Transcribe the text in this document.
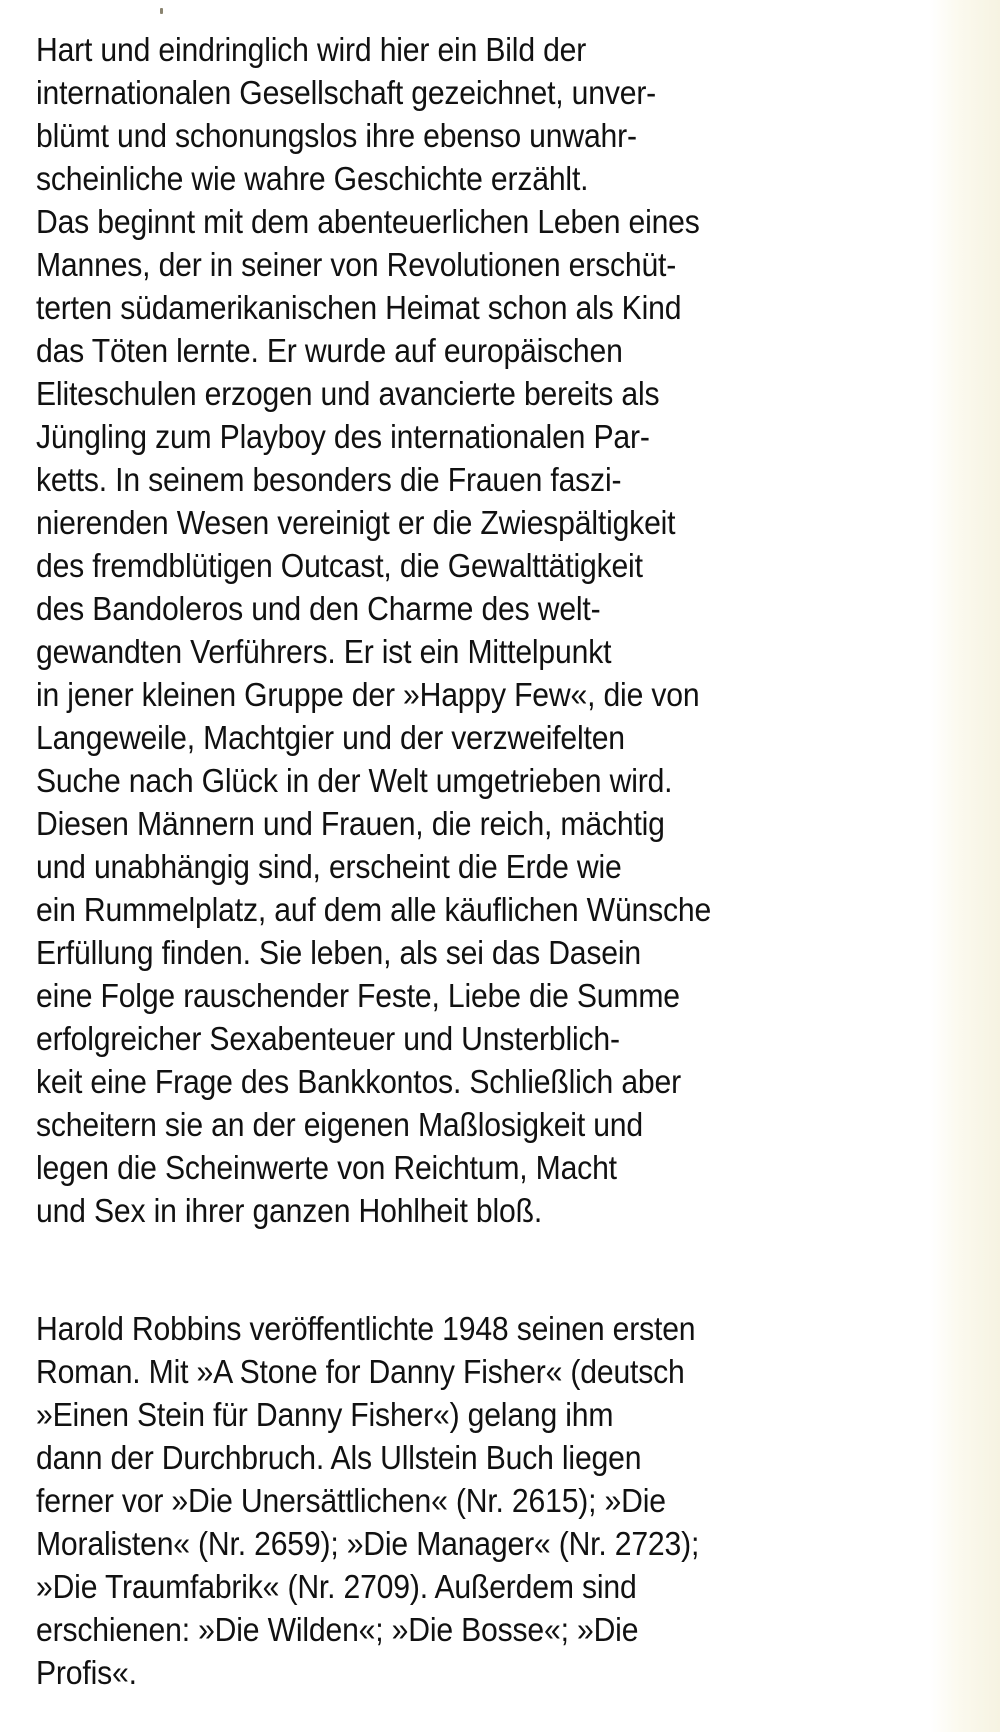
Hart und eindringlich wird hier ein Bild der
internationalen Gesellschaft gezeichnet, unver-
blümt und schonungslos ihre ebenso unwahr-
scheinliche wie wahre Geschichte erzählt.
Das beginnt mit dem abenteuerlichen Leben eines
Mannes, der in seiner von Revolutionen erschüt-
terten südamerikanischen Heimat schon als Kind
das Töten lernte. Er wurde auf europäischen
Eliteschulen erzogen und avancierte bereits als
Jüngling zum Playboy des internationalen Par-
ketts. In seinem besonders die Frauen faszi-
nierenden Wesen vereinigt er die Zwiespältigkeit
des fremdblütigen Outcast, die Gewalttätigkeit
des Bandoleros und den Charme des welt-
gewandten Verführers. Er ist ein Mittelpunkt
in jener kleinen Gruppe der »Happy Few«, die von
Langeweile, Machtgier und der verzweifelten
Suche nach Glück in der Welt umgetrieben wird.
Diesen Männern und Frauen, die reich, mächtig
und unabhängig sind, erscheint die Erde wie
ein Rummelplatz, auf dem alle käuflichen Wünsche
Erfüllung finden. Sie leben, als sei das Dasein
eine Folge rauschender Feste, Liebe die Summe
erfolgreicher Sexabenteuer und Unsterblich-
keit eine Frage des Bankkontos. Schließlich aber
scheitern sie an der eigenen Maßlosigkeit und
legen die Scheinwerte von Reichtum, Macht
und Sex in ihrer ganzen Hohlheit bloß.
Harold Robbins veröffentlichte 1948 seinen ersten
Roman. Mit »A Stone for Danny Fisher« (deutsch
»Einen Stein für Danny Fisher«) gelang ihm
dann der Durchbruch. Als Ullstein Buch liegen
ferner vor »Die Unersättlichen« (Nr. 2615); »Die
Moralisten« (Nr. 2659); »Die Manager« (Nr. 2723);
»Die Traumfabrik« (Nr. 2709). Außerdem sind
erschienen: »Die Wilden«; »Die Bosse«; »Die
Profis«.
